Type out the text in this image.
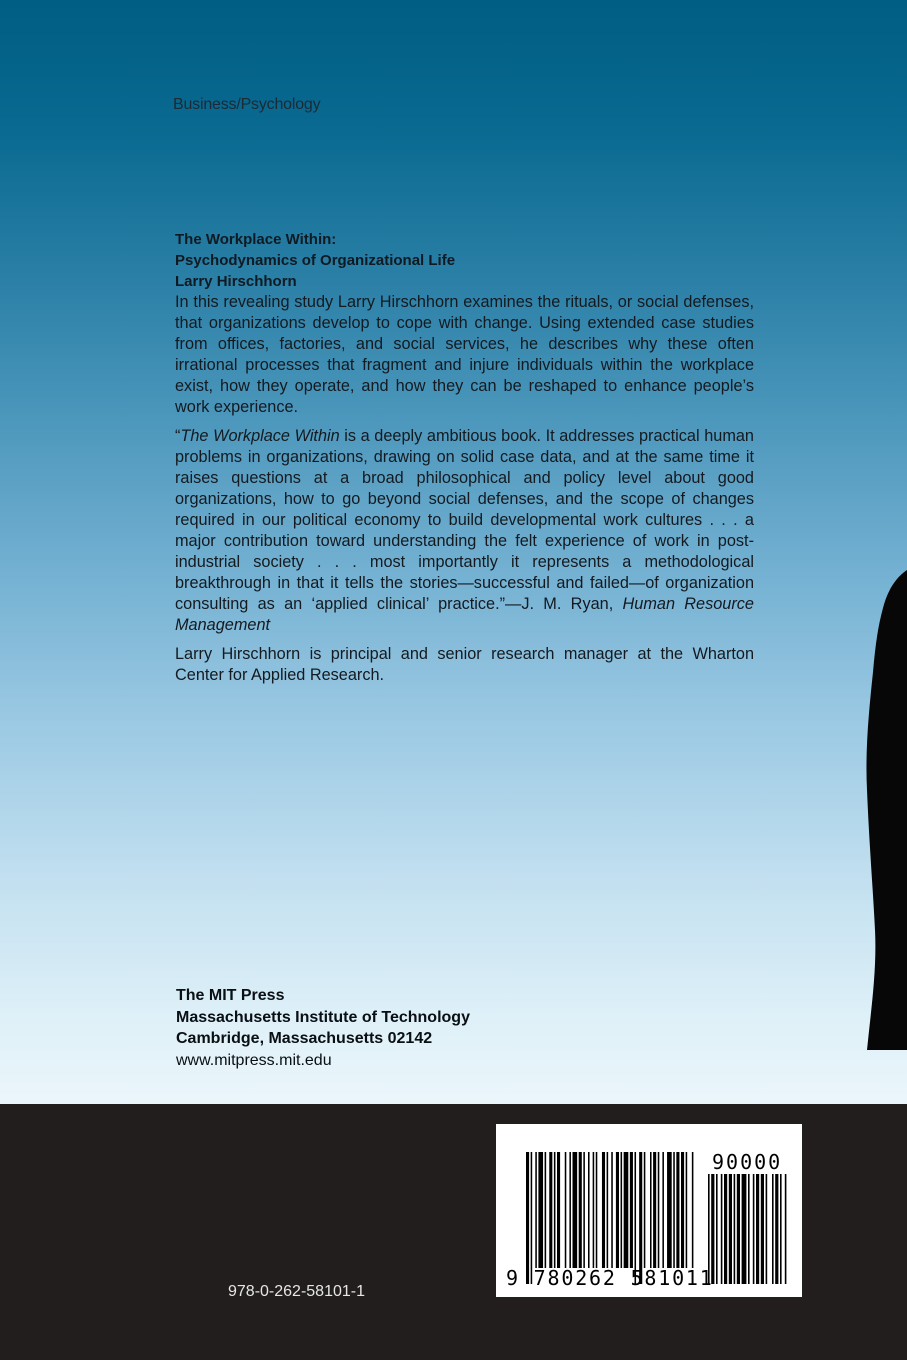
Business/Psychology
The Workplace Within:
Psychodynamics of Organizational Life
Larry Hirschhorn

In this revealing study Larry Hirschhorn examines the rituals, or social defenses, that organizations develop to cope with change. Using extended case studies from offices, factories, and social services, he describes why these often irrational processes that fragment and injure individuals within the workplace exist, how they operate, and how they can be reshaped to enhance people’s work experience.

“The Workplace Within is a deeply ambitious book. It addresses practical human problems in organizations, drawing on solid case data, and at the same time it raises questions at a broad philosophical and policy level about good organizations, how to go beyond social defenses, and the scope of changes required in our political economy to build developmental work cultures . . . a major contribution toward understanding the felt experience of work in post-industrial society . . . most importantly it represents a methodological breakthrough in that it tells the stories—successful and failed—of organization consulting as an ‘applied clinical’ practice.”—J. M. Ryan, Human Resource Management

Larry Hirschhorn is principal and senior research manager at the Wharton Center for Applied Research.

The MIT Press
Massachusetts Institute of Technology
Cambridge, Massachusetts 02142
www.mitpress.mit.edu
978-0-262-58101-1
90000
9 780262 581011
